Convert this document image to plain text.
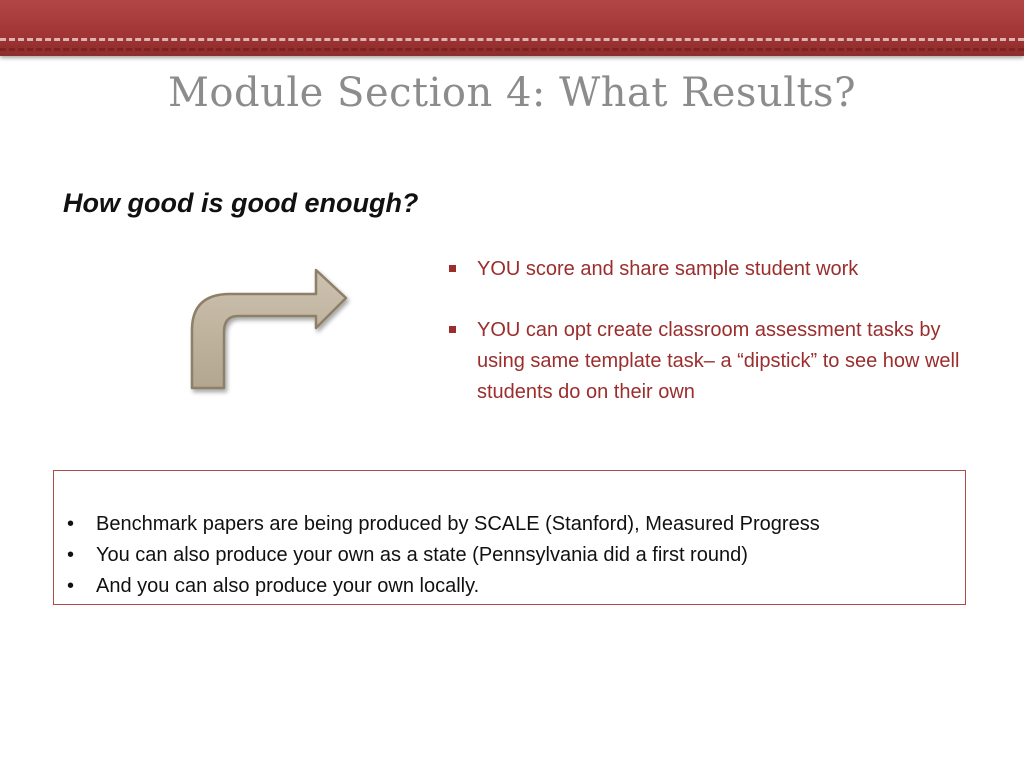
Module Section 4: What Results?
How good is good enough?
YOU score and share sample student work
YOU can opt create classroom assessment tasks by using same template task– a “dipstick” to see how well students do on their own
• Benchmark papers are being produced by SCALE (Stanford), Measured Progress
• You can also produce your own as a state (Pennsylvania did a first round)
• And you can also produce your own locally.
